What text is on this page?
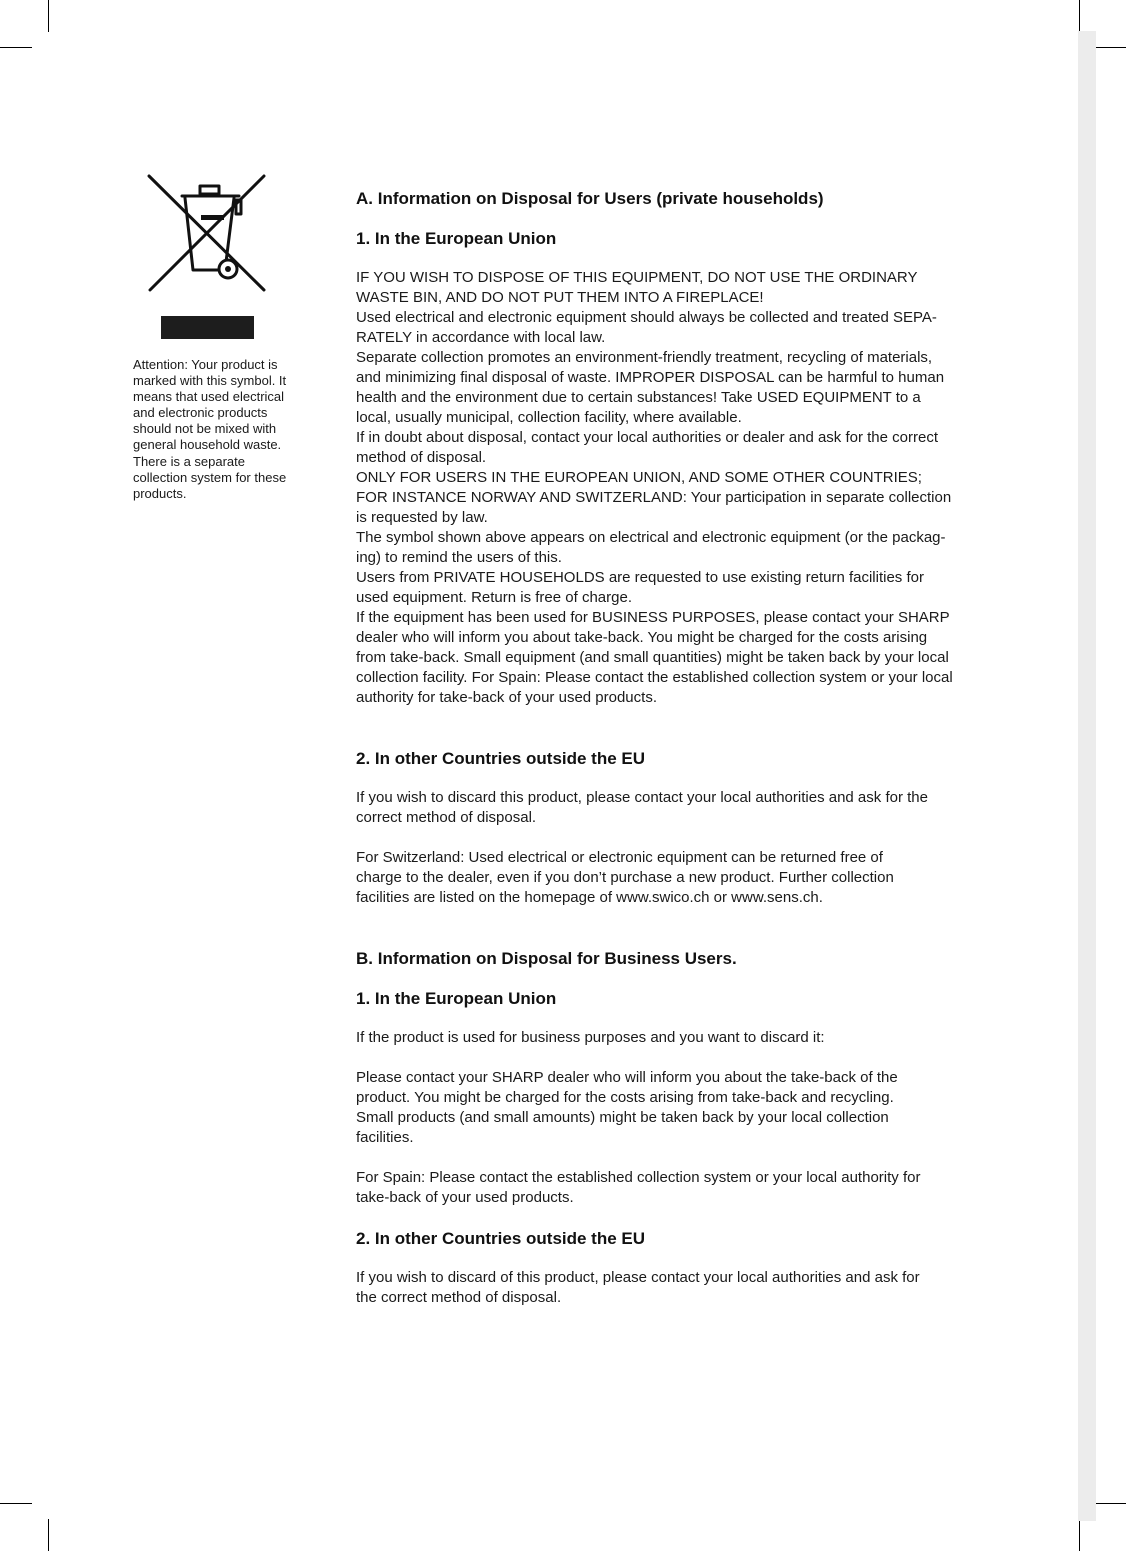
Attention: Your product is
marked with this symbol. It
means that used electrical
and electronic products
should not be mixed with
general household waste.
There is a separate
collection system for these
products.
A. Information on Disposal for Users (private households)
1. In the European Union
IF YOU WISH TO DISPOSE OF THIS EQUIPMENT, DO NOT USE THE ORDINARY
WASTE BIN, AND DO NOT PUT THEM INTO A FIREPLACE!
Used electrical and electronic equipment should always be collected and treated SEPA-
RATELY in accordance with local law.
Separate collection promotes an environment-friendly treatment, recycling of materials,
and minimizing final disposal of waste. IMPROPER DISPOSAL can be harmful to human
health and the environment due to certain substances! Take USED EQUIPMENT to a
local, usually municipal, collection facility, where available.
If in doubt about disposal, contact your local authorities or dealer and ask for the correct
method of disposal.
ONLY FOR USERS IN THE EUROPEAN UNION, AND SOME OTHER COUNTRIES;
FOR INSTANCE NORWAY AND SWITZERLAND: Your participation in separate collection
is requested by law.
The symbol shown above appears on electrical and electronic equipment (or the packag-
ing) to remind the users of this.
Users from PRIVATE HOUSEHOLDS are requested to use existing return facilities for
used equipment. Return is free of charge.
If the equipment has been used for BUSINESS PURPOSES, please contact your SHARP
dealer who will inform you about take-back. You might be charged for the costs arising
from take-back. Small equipment (and small quantities) might be taken back by your local
collection facility. For Spain: Please contact the established collection system or your local
authority for take-back of your used products.
2. In other Countries outside the EU
If you wish to discard this product, please contact your local authorities and ask for the
correct method of disposal.
For Switzerland: Used electrical or electronic equipment can be returned free of
charge to the dealer, even if you don’t purchase a new product. Further collection
facilities are listed on the homepage of www.swico.ch or www.sens.ch.
B. Information on Disposal for Business Users.
1. In the European Union
If the product is used for business purposes and you want to discard it:
Please contact your SHARP dealer who will inform you about the take-back of the
product. You might be charged for the costs arising from take-back and recycling.
Small products (and small amounts) might be taken back by your local collection
facilities.
For Spain: Please contact the established collection system or your local authority for
take-back of your used products.
2. In other Countries outside the EU
If you wish to discard of this product, please contact your local authorities and ask for
the correct method of disposal.
